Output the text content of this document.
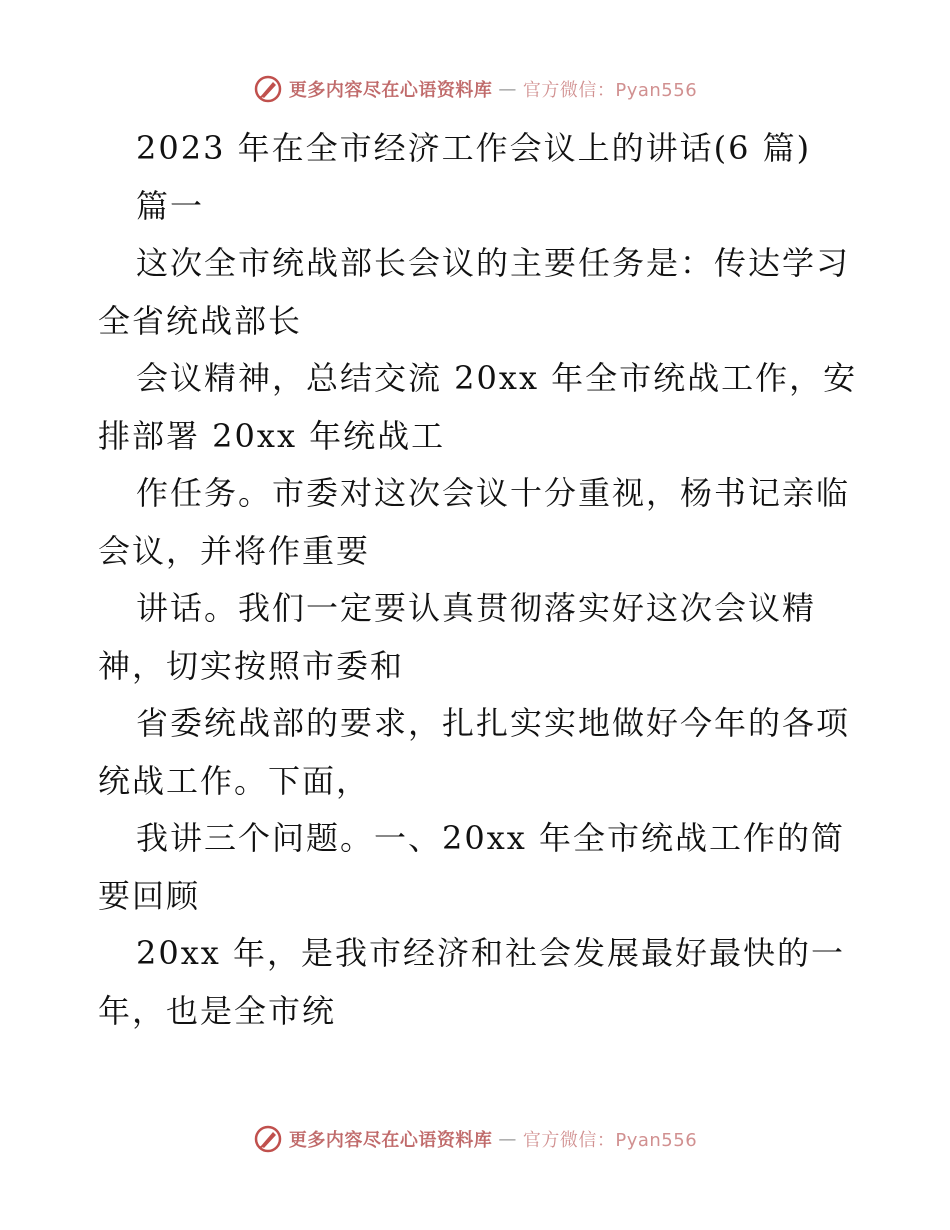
更多内容尽在心语资料库 — 官方微信：Pyan556
2023 年在全市经济工作会议上的讲话(6 篇)
篇一
这次全市统战部长会议的主要任务是：传达学习
全省统战部长
会议精神，总结交流 20xx 年全市统战工作，安
排部署 20xx 年统战工
作任务。市委对这次会议十分重视，杨书记亲临
会议，并将作重要
讲话。我们一定要认真贯彻落实好这次会议精
神，切实按照市委和
省委统战部的要求，扎扎实实地做好今年的各项
统战工作。下面，
我讲三个问题。一、20xx 年全市统战工作的简
要回顾
20xx 年，是我市经济和社会发展最好最快的一
年，也是全市统
更多内容尽在心语资料库 — 官方微信：Pyan556
